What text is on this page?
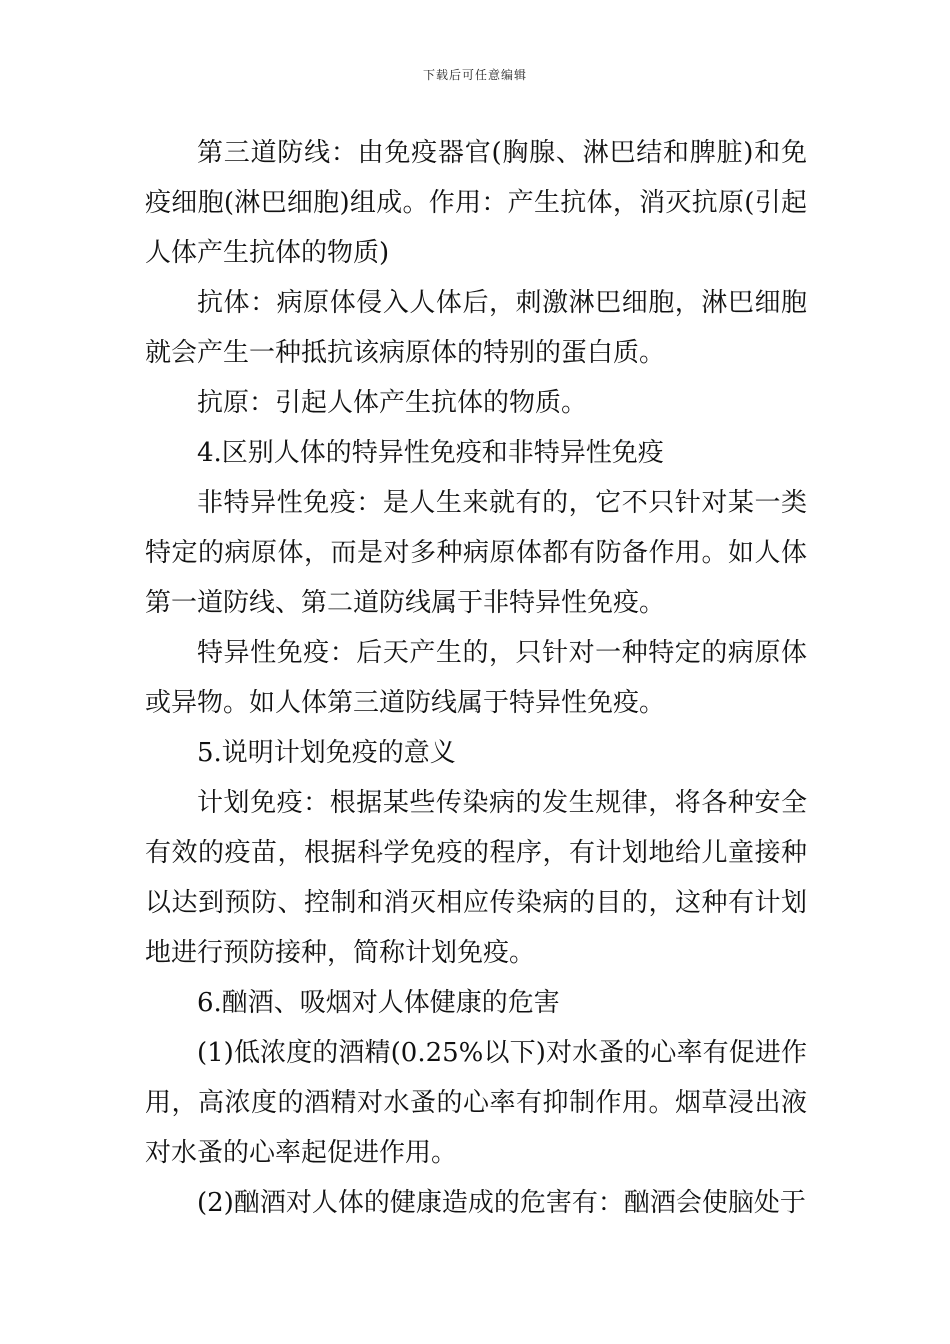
下载后可任意编辑

第三道防线：由免疫器官(胸腺、淋巴结和脾脏)和免疫细胞(淋巴细胞)组成。作用：产生抗体，消灭抗原(引起人体产生抗体的物质)

抗体：病原体侵入人体后，刺激淋巴细胞，淋巴细胞就会产生一种抵抗该病原体的特别的蛋白质。

抗原：引起人体产生抗体的物质。

4.区别人体的特异性免疫和非特异性免疫

非特异性免疫：是人生来就有的，它不只针对某一类特定的病原体，而是对多种病原体都有防备作用。如人体第一道防线、第二道防线属于非特异性免疫。

特异性免疫：后天产生的，只针对一种特定的病原体或异物。如人体第三道防线属于特异性免疫。

5.说明计划免疫的意义

计划免疫：根据某些传染病的发生规律，将各种安全有效的疫苗，根据科学免疫的程序，有计划地给儿童接种以达到预防、控制和消灭相应传染病的目的，这种有计划地进行预防接种，简称计划免疫。

6.酗酒、吸烟对人体健康的危害

(1)低浓度的酒精(0.25%以下)对水蚤的心率有促进作用，高浓度的酒精对水蚤的心率有抑制作用。烟草浸出液对水蚤的心率起促进作用。

(2)酗酒对人体的健康造成的危害有：酗酒会使脑处于
